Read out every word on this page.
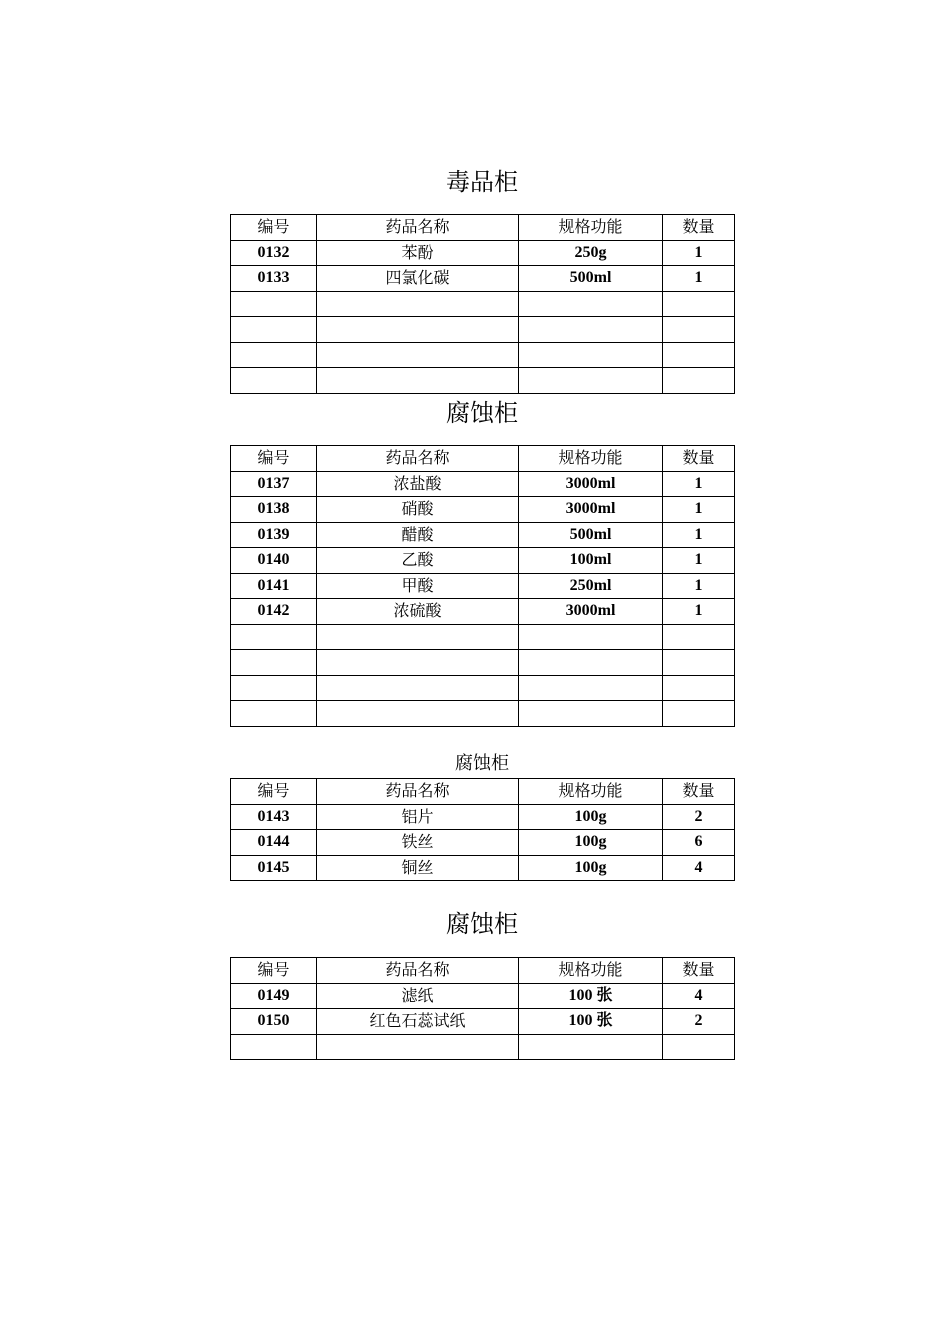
毒品柜
编号	药品名称	规格功能	数量
0132	苯酚	250g	1
0133	四氯化碳	500ml	1

腐蚀柜
编号	药品名称	规格功能	数量
0137	浓盐酸	3000ml	1
0138	硝酸	3000ml	1
0139	醋酸	500ml	1
0140	乙酸	100ml	1
0141	甲酸	250ml	1
0142	浓硫酸	3000ml	1

腐蚀柜
编号	药品名称	规格功能	数量
0143	铝片	100g	2
0144	铁丝	100g	6
0145	铜丝	100g	4
腐蚀柜
编号	药品名称	规格功能	数量
0149	滤纸	100 张	4
0150	红色石蕊试纸	100 张	2
